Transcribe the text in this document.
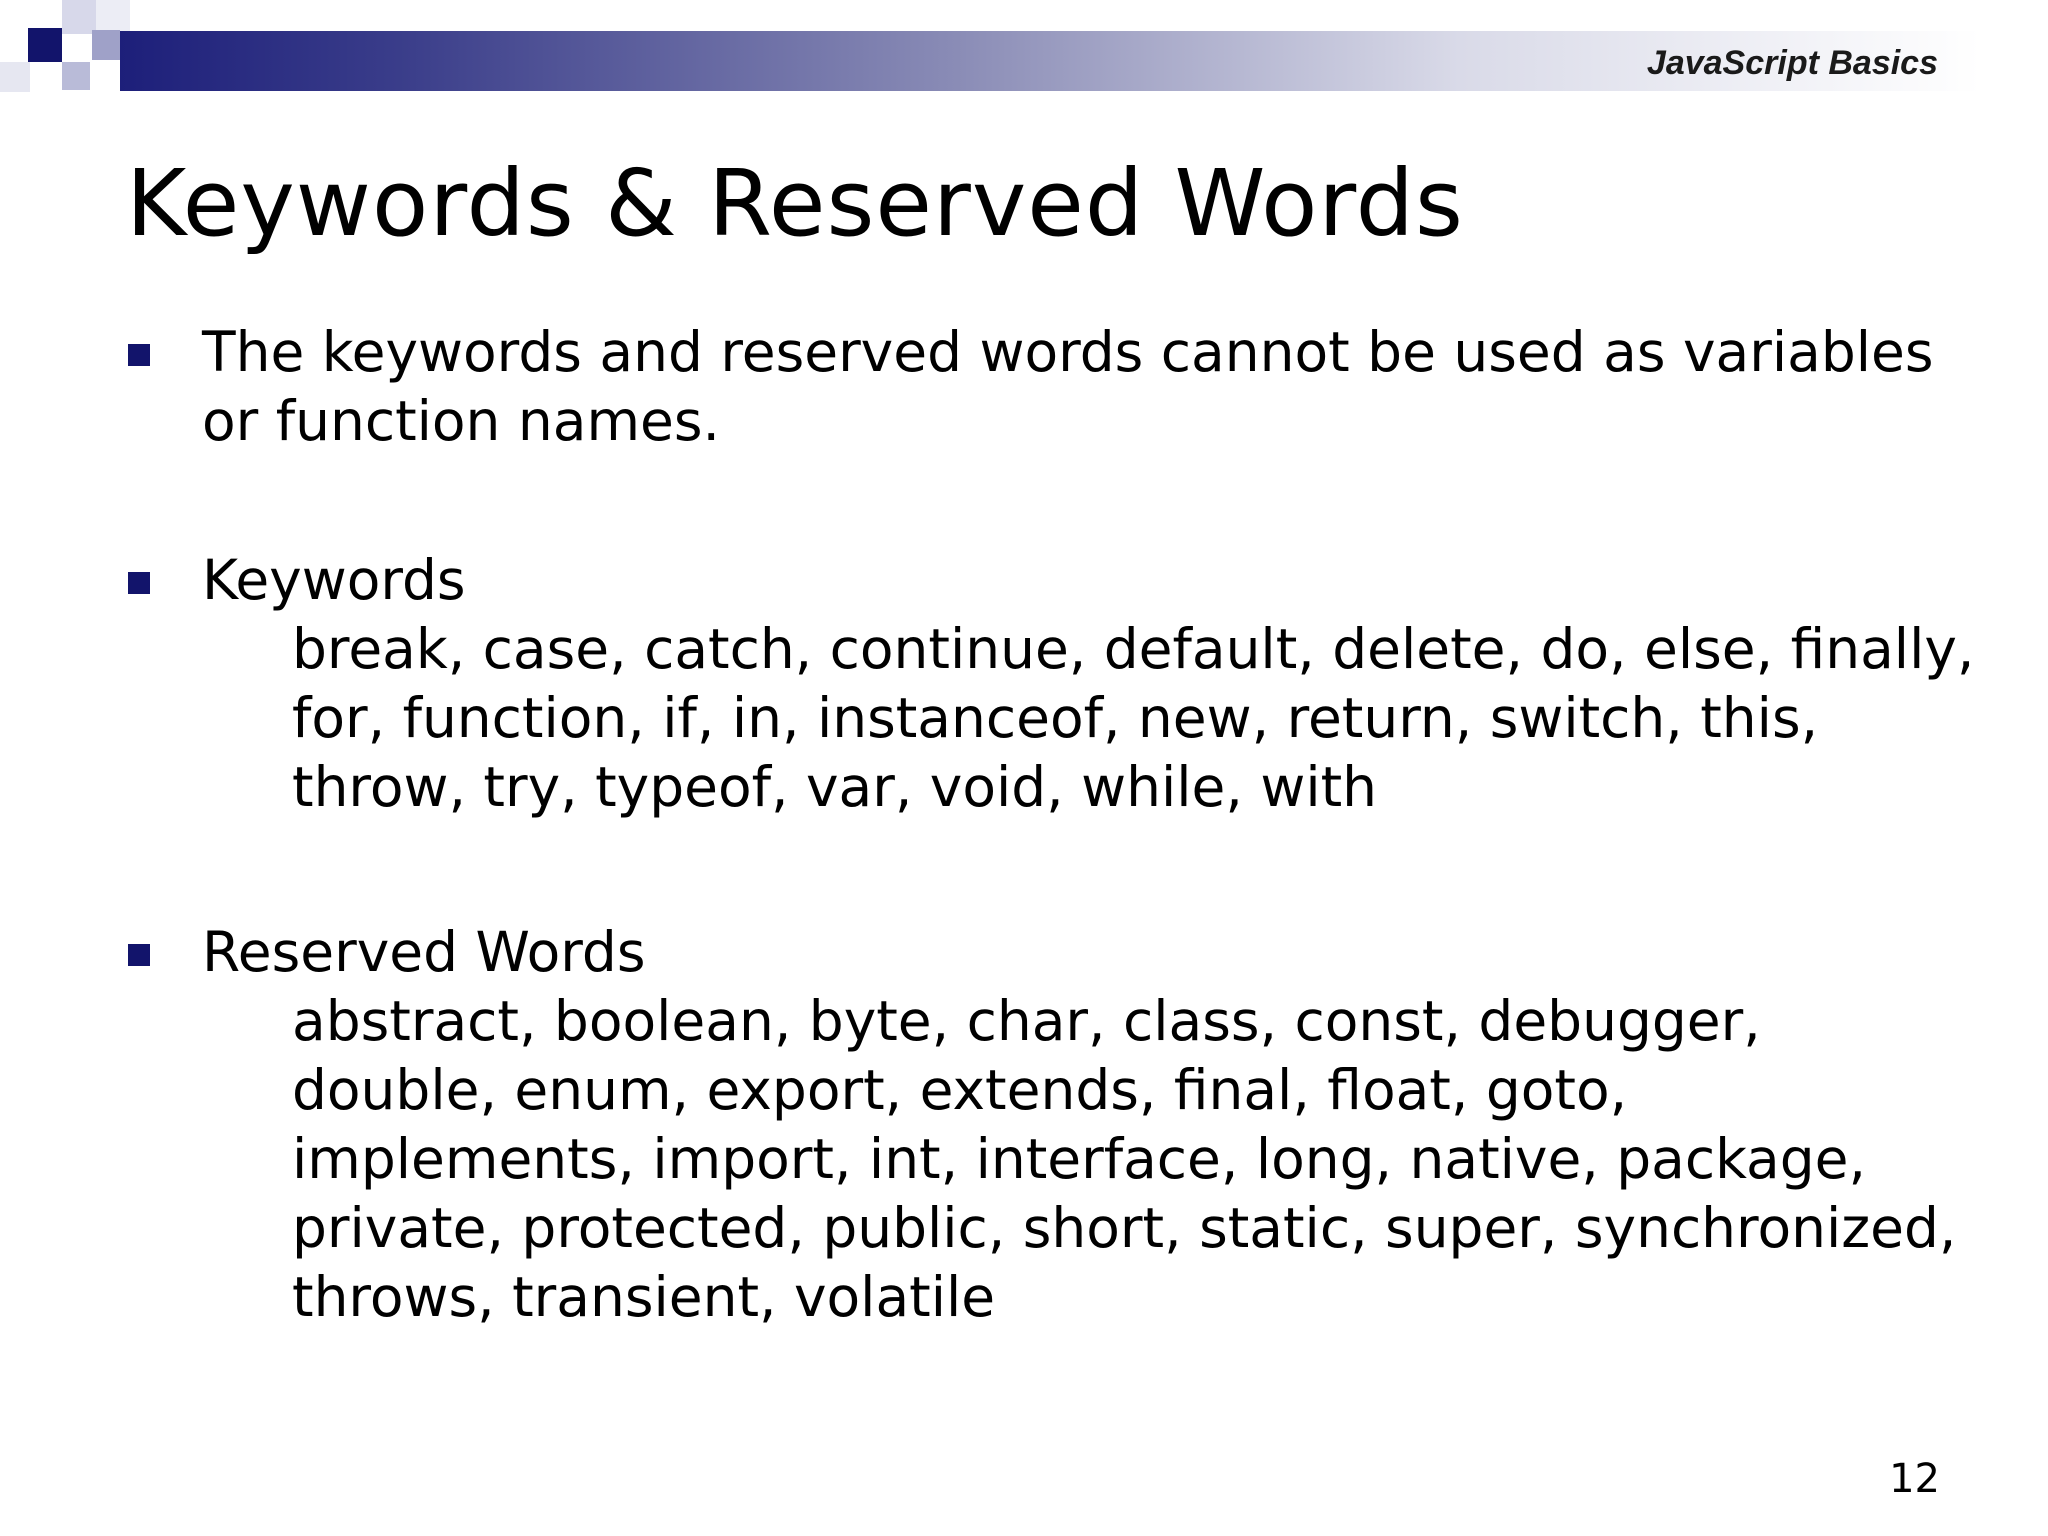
JavaScript Basics
Keywords & Reserved Words
The keywords and reserved words cannot be used as variables or function names.
Keywords
break, case, catch, continue, default, delete, do, else, finally, for, function, if, in, instanceof, new, return, switch, this, throw, try, typeof, var, void, while, with
Reserved Words
abstract, boolean, byte, char, class, const, debugger, double, enum, export, extends, final, float, goto, implements, import, int, interface, long, native, package, private, protected, public, short, static, super, synchronized, throws, transient, volatile
12
